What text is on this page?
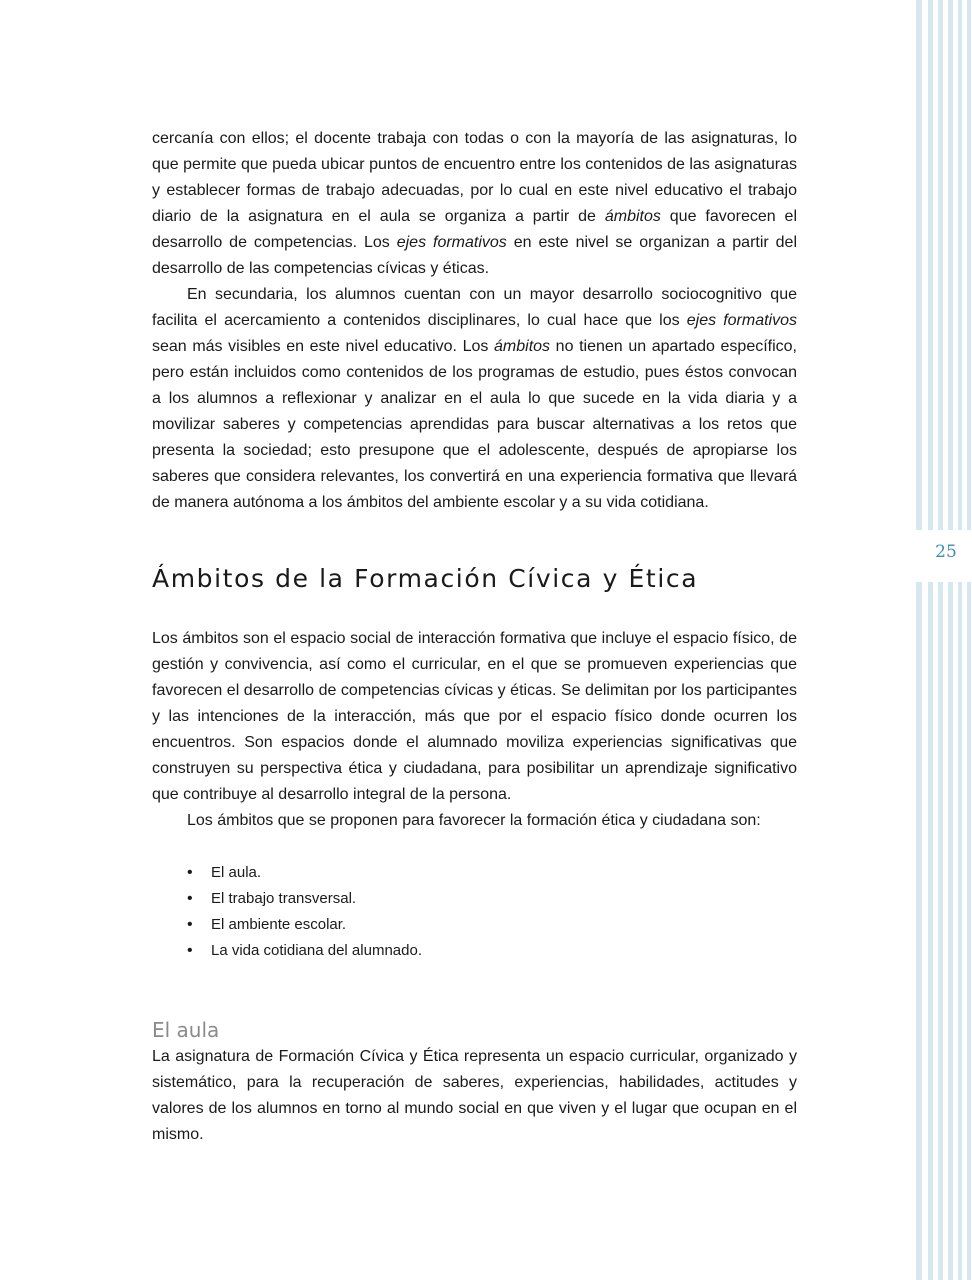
25

cercanía con ellos; el docente trabaja con todas o con la mayoría de las asignaturas, lo que permite que pueda ubicar puntos de encuentro entre los contenidos de las asignaturas y establecer formas de trabajo adecuadas, por lo cual en este nivel educativo el trabajo diario de la asignatura en el aula se organiza a partir de ámbitos que favorecen el desarrollo de competencias. Los ejes formativos en este nivel se organizan a partir del desarrollo de las competencias cívicas y éticas.

En secundaria, los alumnos cuentan con un mayor desarrollo sociocognitivo que facilita el acercamiento a contenidos disciplinares, lo cual hace que los ejes formativos sean más visibles en este nivel educativo. Los ámbitos no tienen un apartado específico, pero están incluidos como contenidos de los programas de estudio, pues éstos convocan a los alumnos a reflexionar y analizar en el aula lo que sucede en la vida diaria y a movilizar saberes y competencias aprendidas para buscar alternativas a los retos que presenta la sociedad; esto presupone que el adolescente, después de apropiarse los saberes que considera relevantes, los convertirá en una experiencia formativa que llevará de manera autónoma a los ámbitos del ambiente escolar y a su vida cotidiana.

Ámbitos de la Formación Cívica y Ética

Los ámbitos son el espacio social de interacción formativa que incluye el espacio físico, de gestión y convivencia, así como el curricular, en el que se promueven experiencias que favorecen el desarrollo de competencias cívicas y éticas. Se delimitan por los participantes y las intenciones de la interacción, más que por el espacio físico donde ocurren los encuentros. Son espacios donde el alumnado moviliza experiencias significativas que construyen su perspectiva ética y ciudadana, para posibilitar un aprendizaje significativo que contribuye al desarrollo integral de la persona.

Los ámbitos que se proponen para favorecer la formación ética y ciudadana son:

• El aula.
• El trabajo transversal.
• El ambiente escolar.
• La vida cotidiana del alumnado.
El aula

La asignatura de Formación Cívica y Ética representa un espacio curricular, organizado y sistemático, para la recuperación de saberes, experiencias, habilidades, actitudes y valores de los alumnos en torno al mundo social en que viven y el lugar que ocupan en el mismo.
